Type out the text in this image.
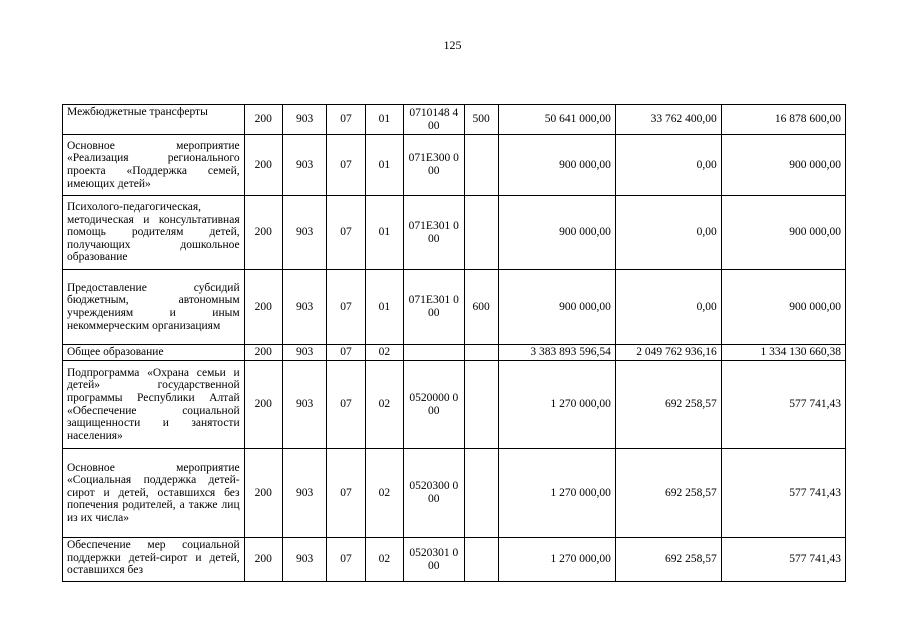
125
Межбюджетные трансферты	200	903	07	01	0710148 400	500	50 641 000,00	33 762 400,00	16 878 600,00
Основное мероприятие «Реализация регионального проекта «Поддержка семей, имеющих детей»	200	903	07	01	071E300 000		900 000,00	0,00	900 000,00
Психолого-педагогическая, методическая и консультативная помощь родителям детей, получающих дошкольное образование	200	903	07	01	071E301 000		900 000,00	0,00	900 000,00
Предоставление субсидий бюджетным, автономным учреждениям и иным некоммерческим организациям	200	903	07	01	071E301 000	600	900 000,00	0,00	900 000,00
Общее образование	200	903	07	02			3 383 893 596,54	2 049 762 936,16	1 334 130 660,38
Подпрограмма «Охрана семьи и детей» государственной программы Республики Алтай «Обеспечение социальной защищенности и занятости населения»	200	903	07	02	0520000 000		1 270 000,00	692 258,57	577 741,43
Основное мероприятие «Социальная поддержка детей-сирот и детей, оставшихся без попечения родителей, а также лиц из их числа»	200	903	07	02	0520300 000		1 270 000,00	692 258,57	577 741,43
Обеспечение мер социальной поддержки детей-сирот и детей, оставшихся без	200	903	07	02	0520301 000		1 270 000,00	692 258,57	577 741,43
